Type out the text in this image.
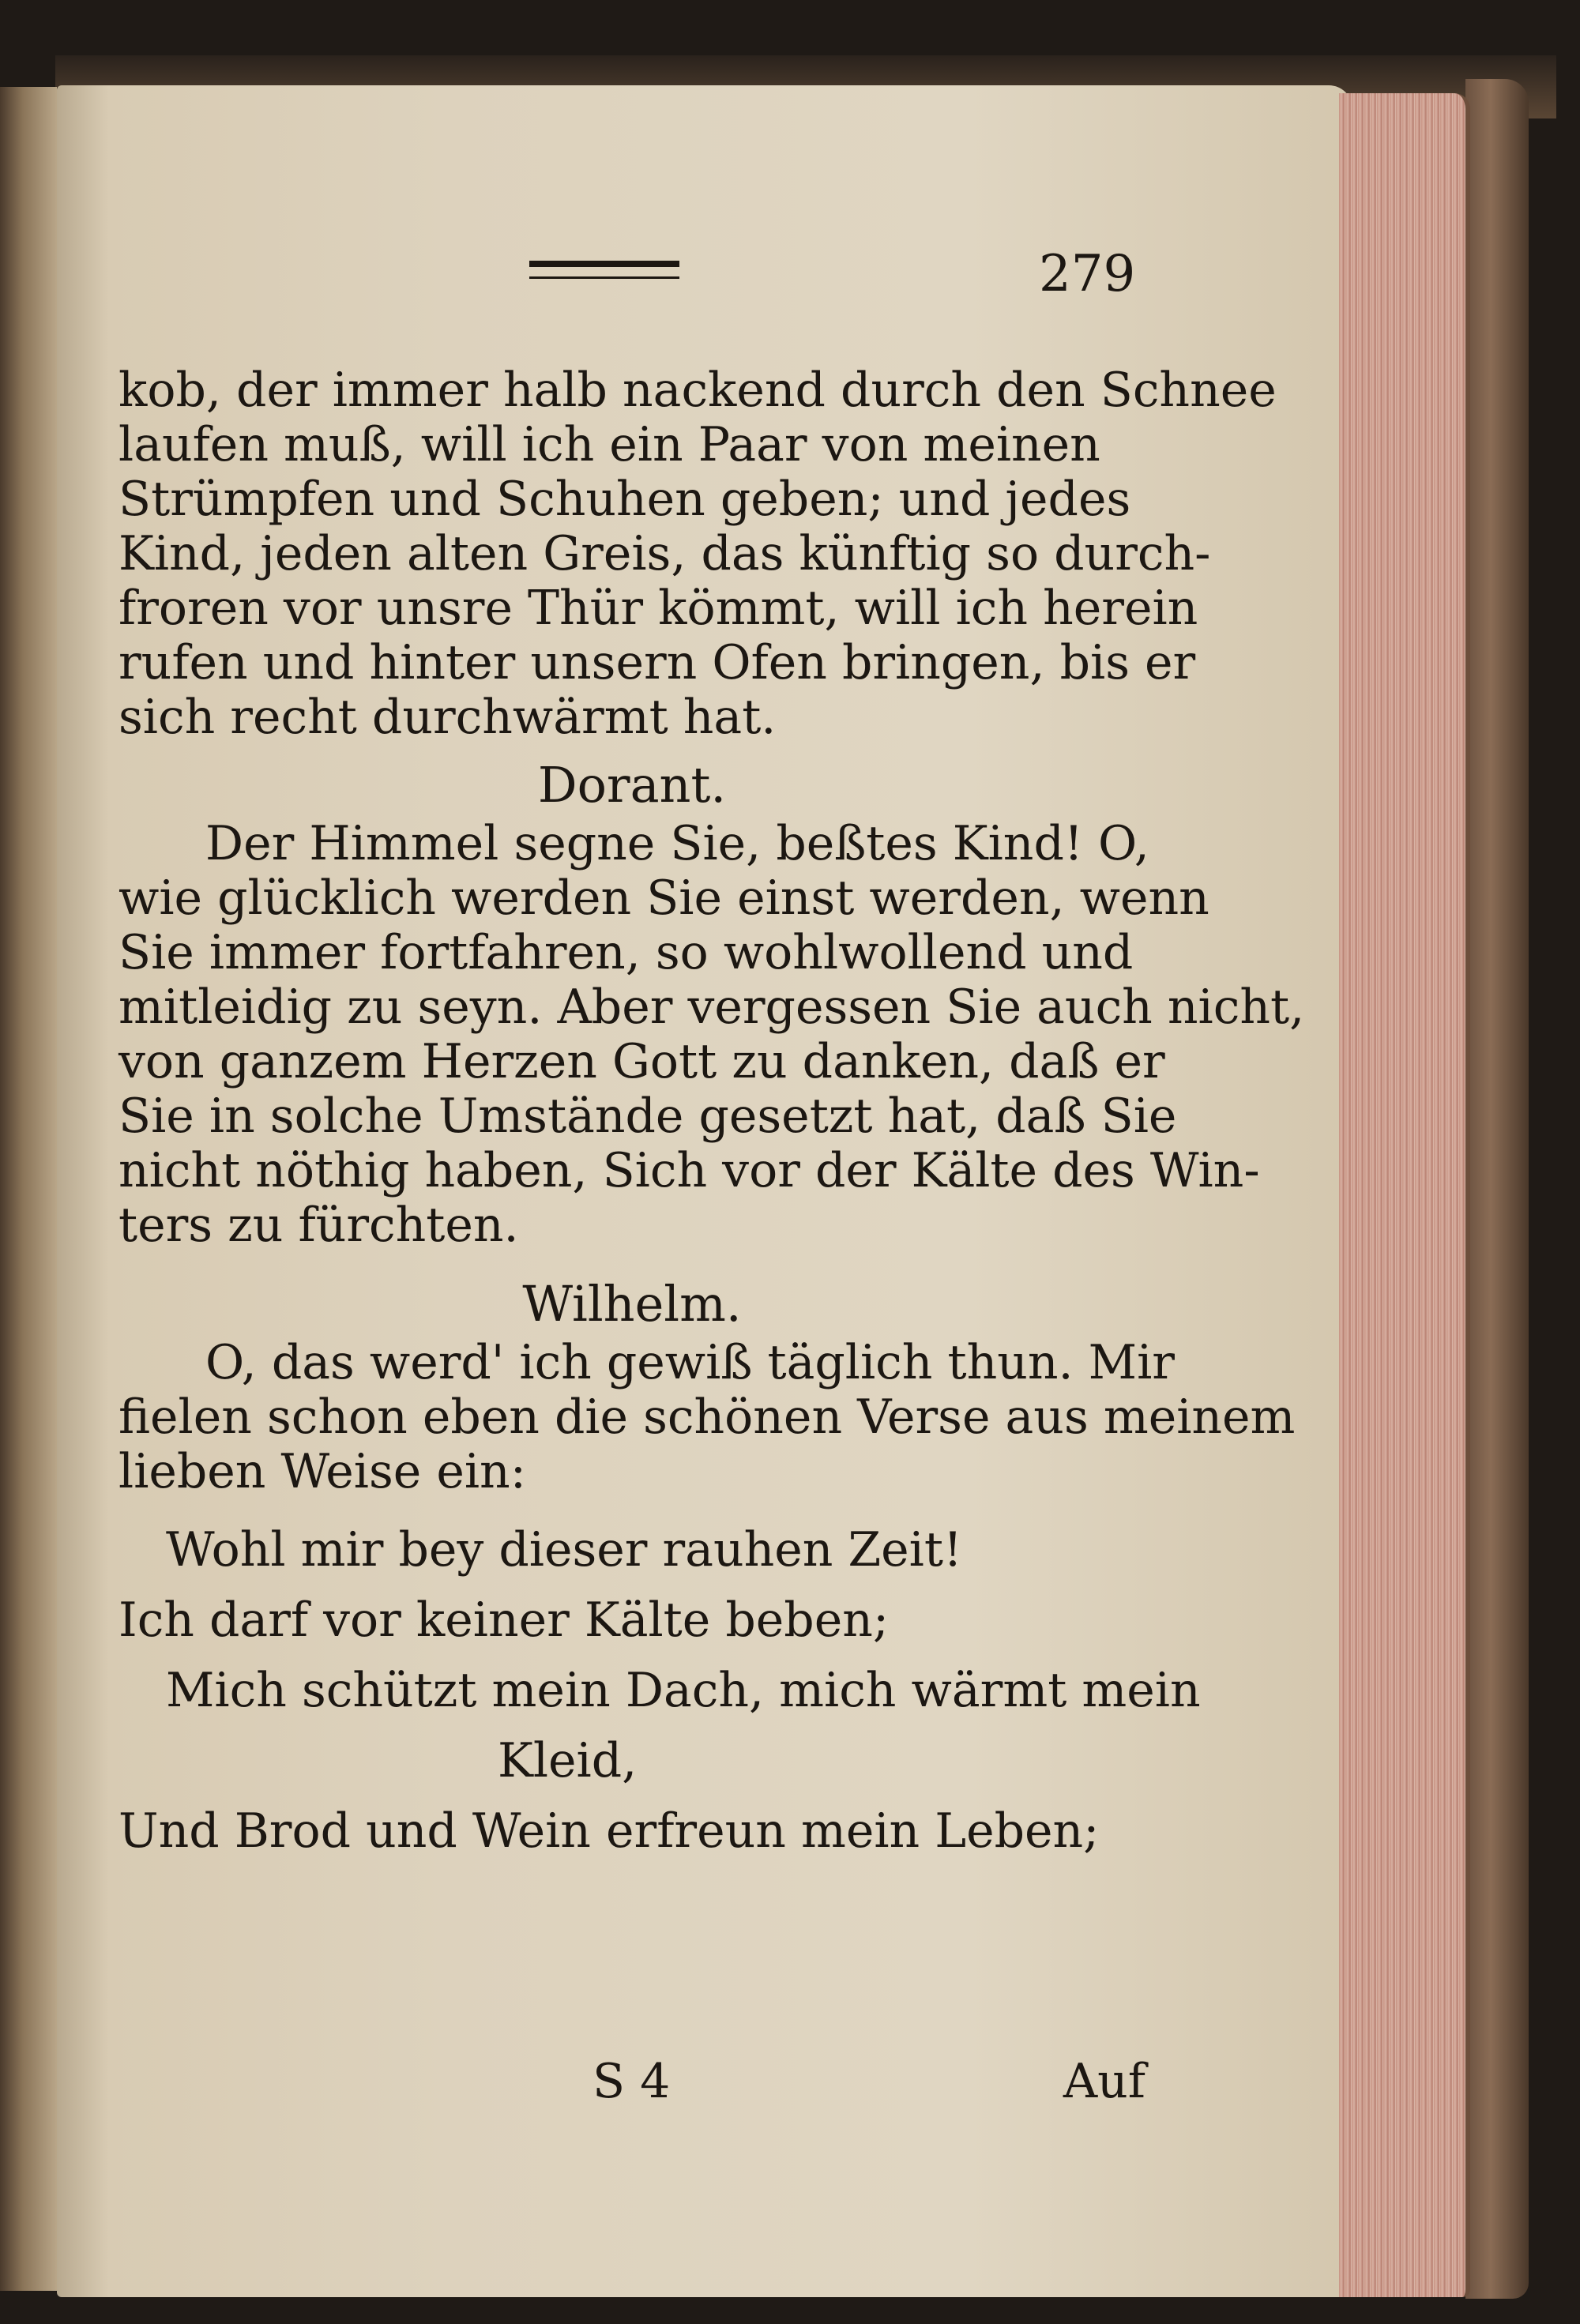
279

kob, der immer halb nackend durch den Schnee
laufen muß, will ich ein Paar von meinen
Strümpfen und Schuhen geben; und jedes
Kind, jeden alten Greis, das künftig so durch-
froren vor unsre Thür kömmt, will ich herein
rufen und hinter unsern Ofen bringen, bis er
sich recht durchwärmt hat.

Dorant.

Der Himmel segne Sie, beßtes Kind! O,
wie glücklich werden Sie einst werden, wenn
Sie immer fortfahren, so wohlwollend und
mitleidig zu seyn. Aber vergessen Sie auch nicht,
von ganzem Herzen Gott zu danken, daß er
Sie in solche Umstände gesetzt hat, daß Sie
nicht nöthig haben, Sich vor der Kälte des Win-
ters zu fürchten.

Wilhelm.

O, das werd' ich gewiß täglich thun. Mir
fielen schon eben die schönen Verse aus meinem
lieben Weise ein:

Wohl mir bey dieser rauhen Zeit!
Ich darf vor keiner Kälte beben;
Mich schützt mein Dach, mich wärmt mein
Kleid,
Und Brod und Wein erfreun mein Leben;
S 4	Auf
